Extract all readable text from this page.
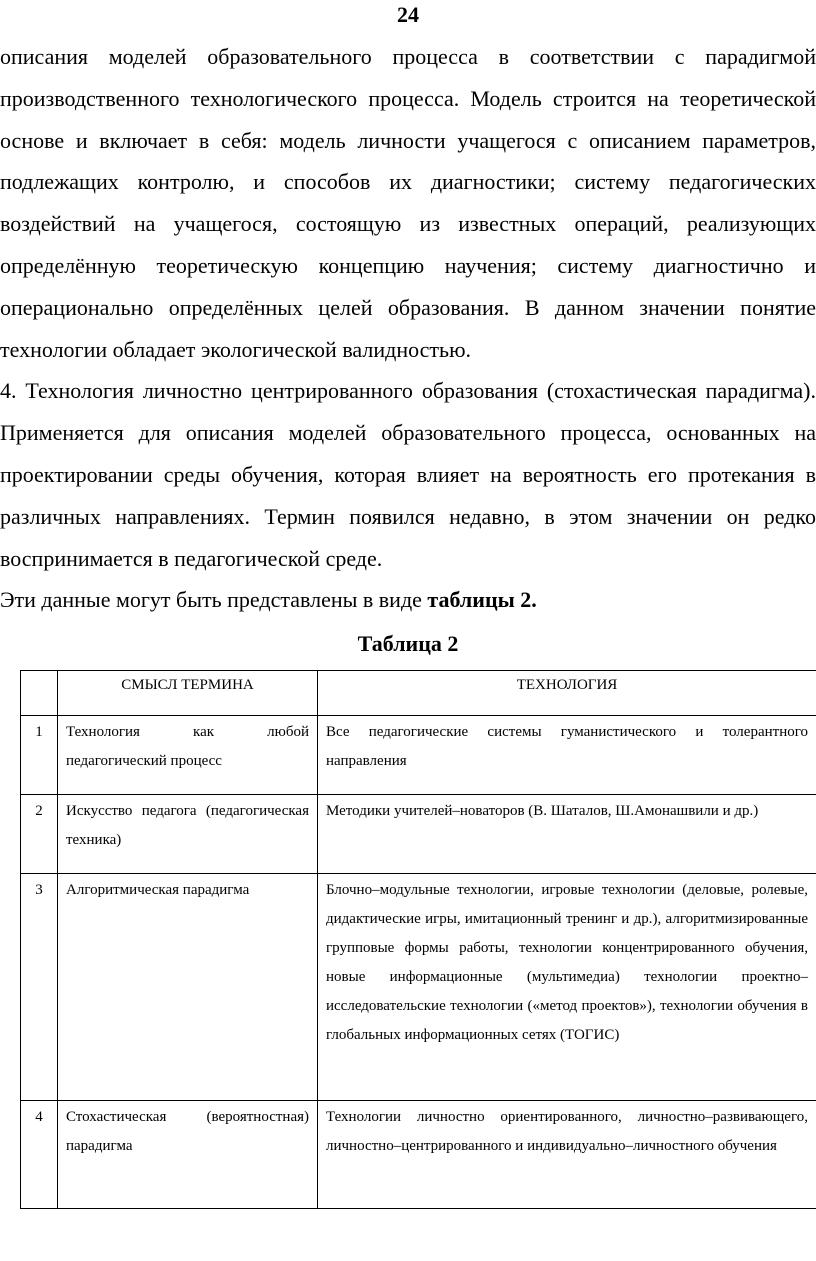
24

описания моделей образовательного процесса в соответствии с парадигмой производственного технологического процесса. Модель строится на теоретической основе и включает в себя: модель личности учащегося с описанием параметров, подлежащих контролю, и способов их диагностики; систему педагогических воздействий на учащегося, состоящую из известных операций, реализующих определённую теоретическую концепцию научения; систему диагностично и операционально определённых целей образования. В данном значении понятие технологии обладает экологической валидностью.

4. Технология личностно центрированного образования (стохастическая парадигма). Применяется для описания моделей образовательного процесса, основанных на проектировании среды обучения, которая влияет на вероятность его протекания в различных направлениях. Термин появился недавно, в этом значении он редко воспринимается в педагогической среде.

Эти данные могут быть представлены в виде таблицы 2.

Таблица 2
	СМЫСЛ ТЕРМИНА	ТЕХНОЛОГИЯ
1	Технология как любой педагогический процесс	Все педагогические системы гуманистического и толерантного направления
2	Искусство педагога (педагогическая техника)	Методики учителей–новаторов (В. Шаталов, Ш.Амонашвили и др.)
3	Алгоритмическая парадигма	Блочно–модульные технологии, игровые технологии (деловые, ролевые, дидактические игры, имитационный тренинг и др.), алгоритмизированные групповые формы работы, технологии концентрированного обучения, новые информационные (мультимедиа) технологии проектно–исследовательские технологии («метод проектов»), технологии обучения в глобальных информационных сетях (ТОГИС)
4	Стохастическая (вероятностная) парадигма	Технологии личностно ориентированного, личностно–развивающего, личностно–центрированного и индивидуально–личностного обучения
